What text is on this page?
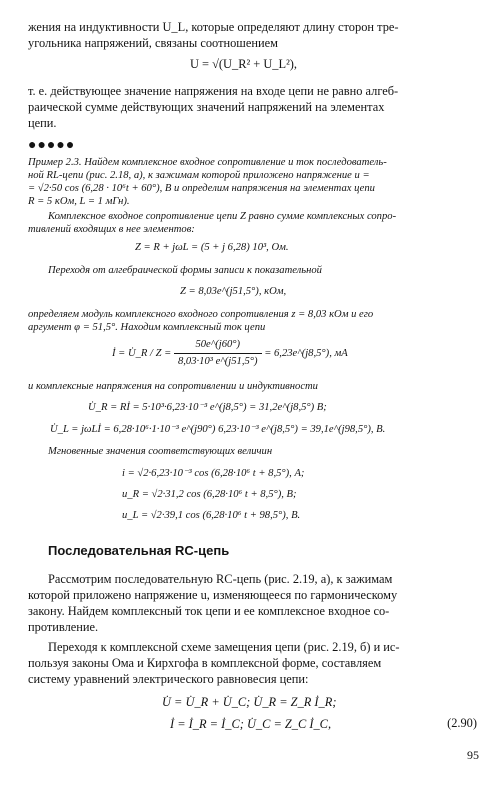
жения на индуктивности U_L, которые определяют длину сторон тре-
угольника напряжений, связаны соотношением
U = √(U_R² + U_L²),
т. е. действующее значение напряжения на входе цепи не равно алгеб-
раической сумме действующих значений напряжений на элементах
цепи.
●●●●●
Пример 2.3. Найдем комплексное входное сопротивление и ток последователь-
ной RL-цепи (рис. 2.18, а), к зажимам которой приложено напряжение u =
= √2·50 cos (6,28 · 10⁶t + 60°), В и определим напряжения на элементах цепи
R = 5 кОм, L = 1 мГн).
Комплексное входное сопротивление цепи Z равно сумме комплексных сопро-
тивлений входящих в нее элементов:
Z = R + jωL = (5 + j 6,28) 10³, Ом.
Переходя от алгебраической формы записи к показательной
Z = 8,03e^(j51,5°), кОм,
определяем модуль комплексного входного сопротивления z = 8,03 кОм и его
аргумент φ = 51,5°. Находим комплексный ток цепи
İ = U̇_R / $Z = \frac{50e\^{}(j60^\circ)}{\text{8,03·10³ e\textasciicircum{}(j51,5°)}}$ = 6,23e^(j8,5°), мА
и комплексные напряжения на сопротивлении и индуктивности
U̇_R = Rİ = 5·10³·6,23·10⁻³ e^(j8,5°) = 31,2e^(j8,5°) В;
U̇_L = jωLİ = 6,28·10⁶·1·10⁻³ e^(j90°) 6,23·10⁻³ e^(j8,5°) = 39,1e^(j98,5°), В.
Мгновенные значения соответствующих величин
i = √2·6,23·10⁻³ cos (6,28·10⁶ t + 8,5°), А;
u_R = √2·31,2 cos (6,28·10⁶ t + 8,5°), В;
u_L = √2·39,1 cos (6,28·10⁶ t + 98,5°), В.
Последовательная RC-цепь
Рассмотрим последовательную RC-цепь (рис. 2.19, а), к зажимам
которой приложено напряжение u, изменяющееся по гармоническому
закону. Найдем комплексный ток цепи и ее комплексное входное со-
противление.
Переходя к комплексной схеме замещения цепи (рис. 2.19, б) и ис-
пользуя законы Ома и Кирхгофа в комплексной форме, составляем
систему уравнений электрического равновесия цепи:
U̇ = U̇_R + U̇_C; U̇_R = Z_R İ_R;
İ = İ_R = İ_C; U̇_C = Z_C İ_C,	(2.90)
95
